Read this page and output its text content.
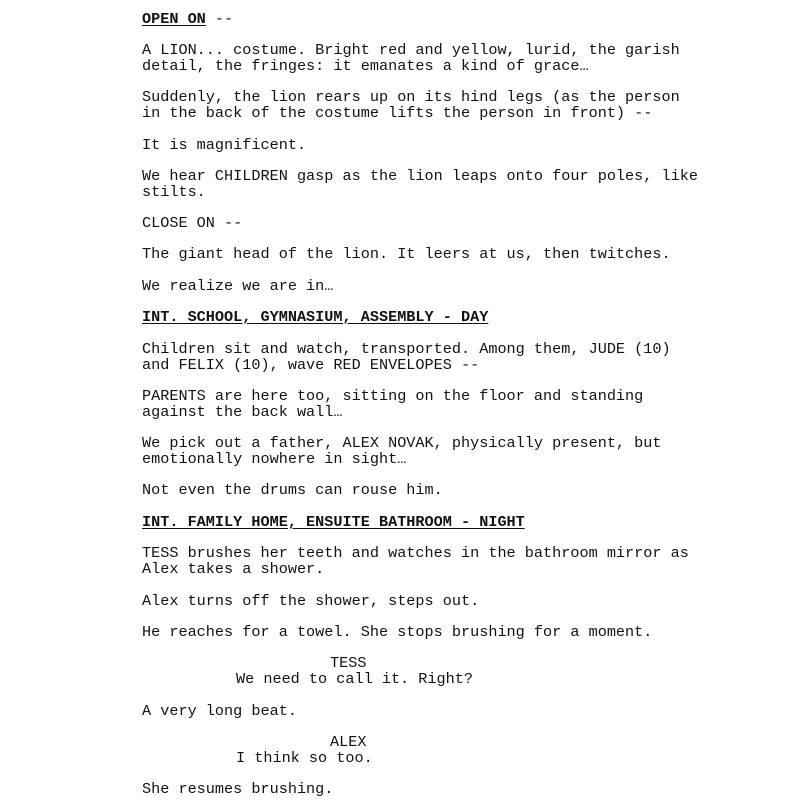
OPEN ON --

A LION... costume. Bright red and yellow, lurid, the garish

detail, the fringes: it emanates a kind of grace…

Suddenly, the lion rears up on its hind legs (as the person

in the back of the costume lifts the person in front) --

It is magnificent.

We hear CHILDREN gasp as the lion leaps onto four poles, like

stilts.

CLOSE ON --

The giant head of the lion. It leers at us, then twitches.

We realize we are in…

INT. SCHOOL, GYMNASIUM, ASSEMBLY - DAY

Children sit and watch, transported. Among them, JUDE (10)

and FELIX (10), wave RED ENVELOPES --

PARENTS are here too, sitting on the floor and standing

against the back wall…

We pick out a father, ALEX NOVAK, physically present, but

emotionally nowhere in sight…

Not even the drums can rouse him.

INT. FAMILY HOME, ENSUITE BATHROOM - NIGHT

TESS brushes her teeth and watches in the bathroom mirror as

Alex takes a shower.

Alex turns off the shower, steps out.

He reaches for a towel. She stops brushing for a moment.

TESS

We need to call it. Right?

A very long beat.

ALEX

I think so too.

She resumes brushing.
